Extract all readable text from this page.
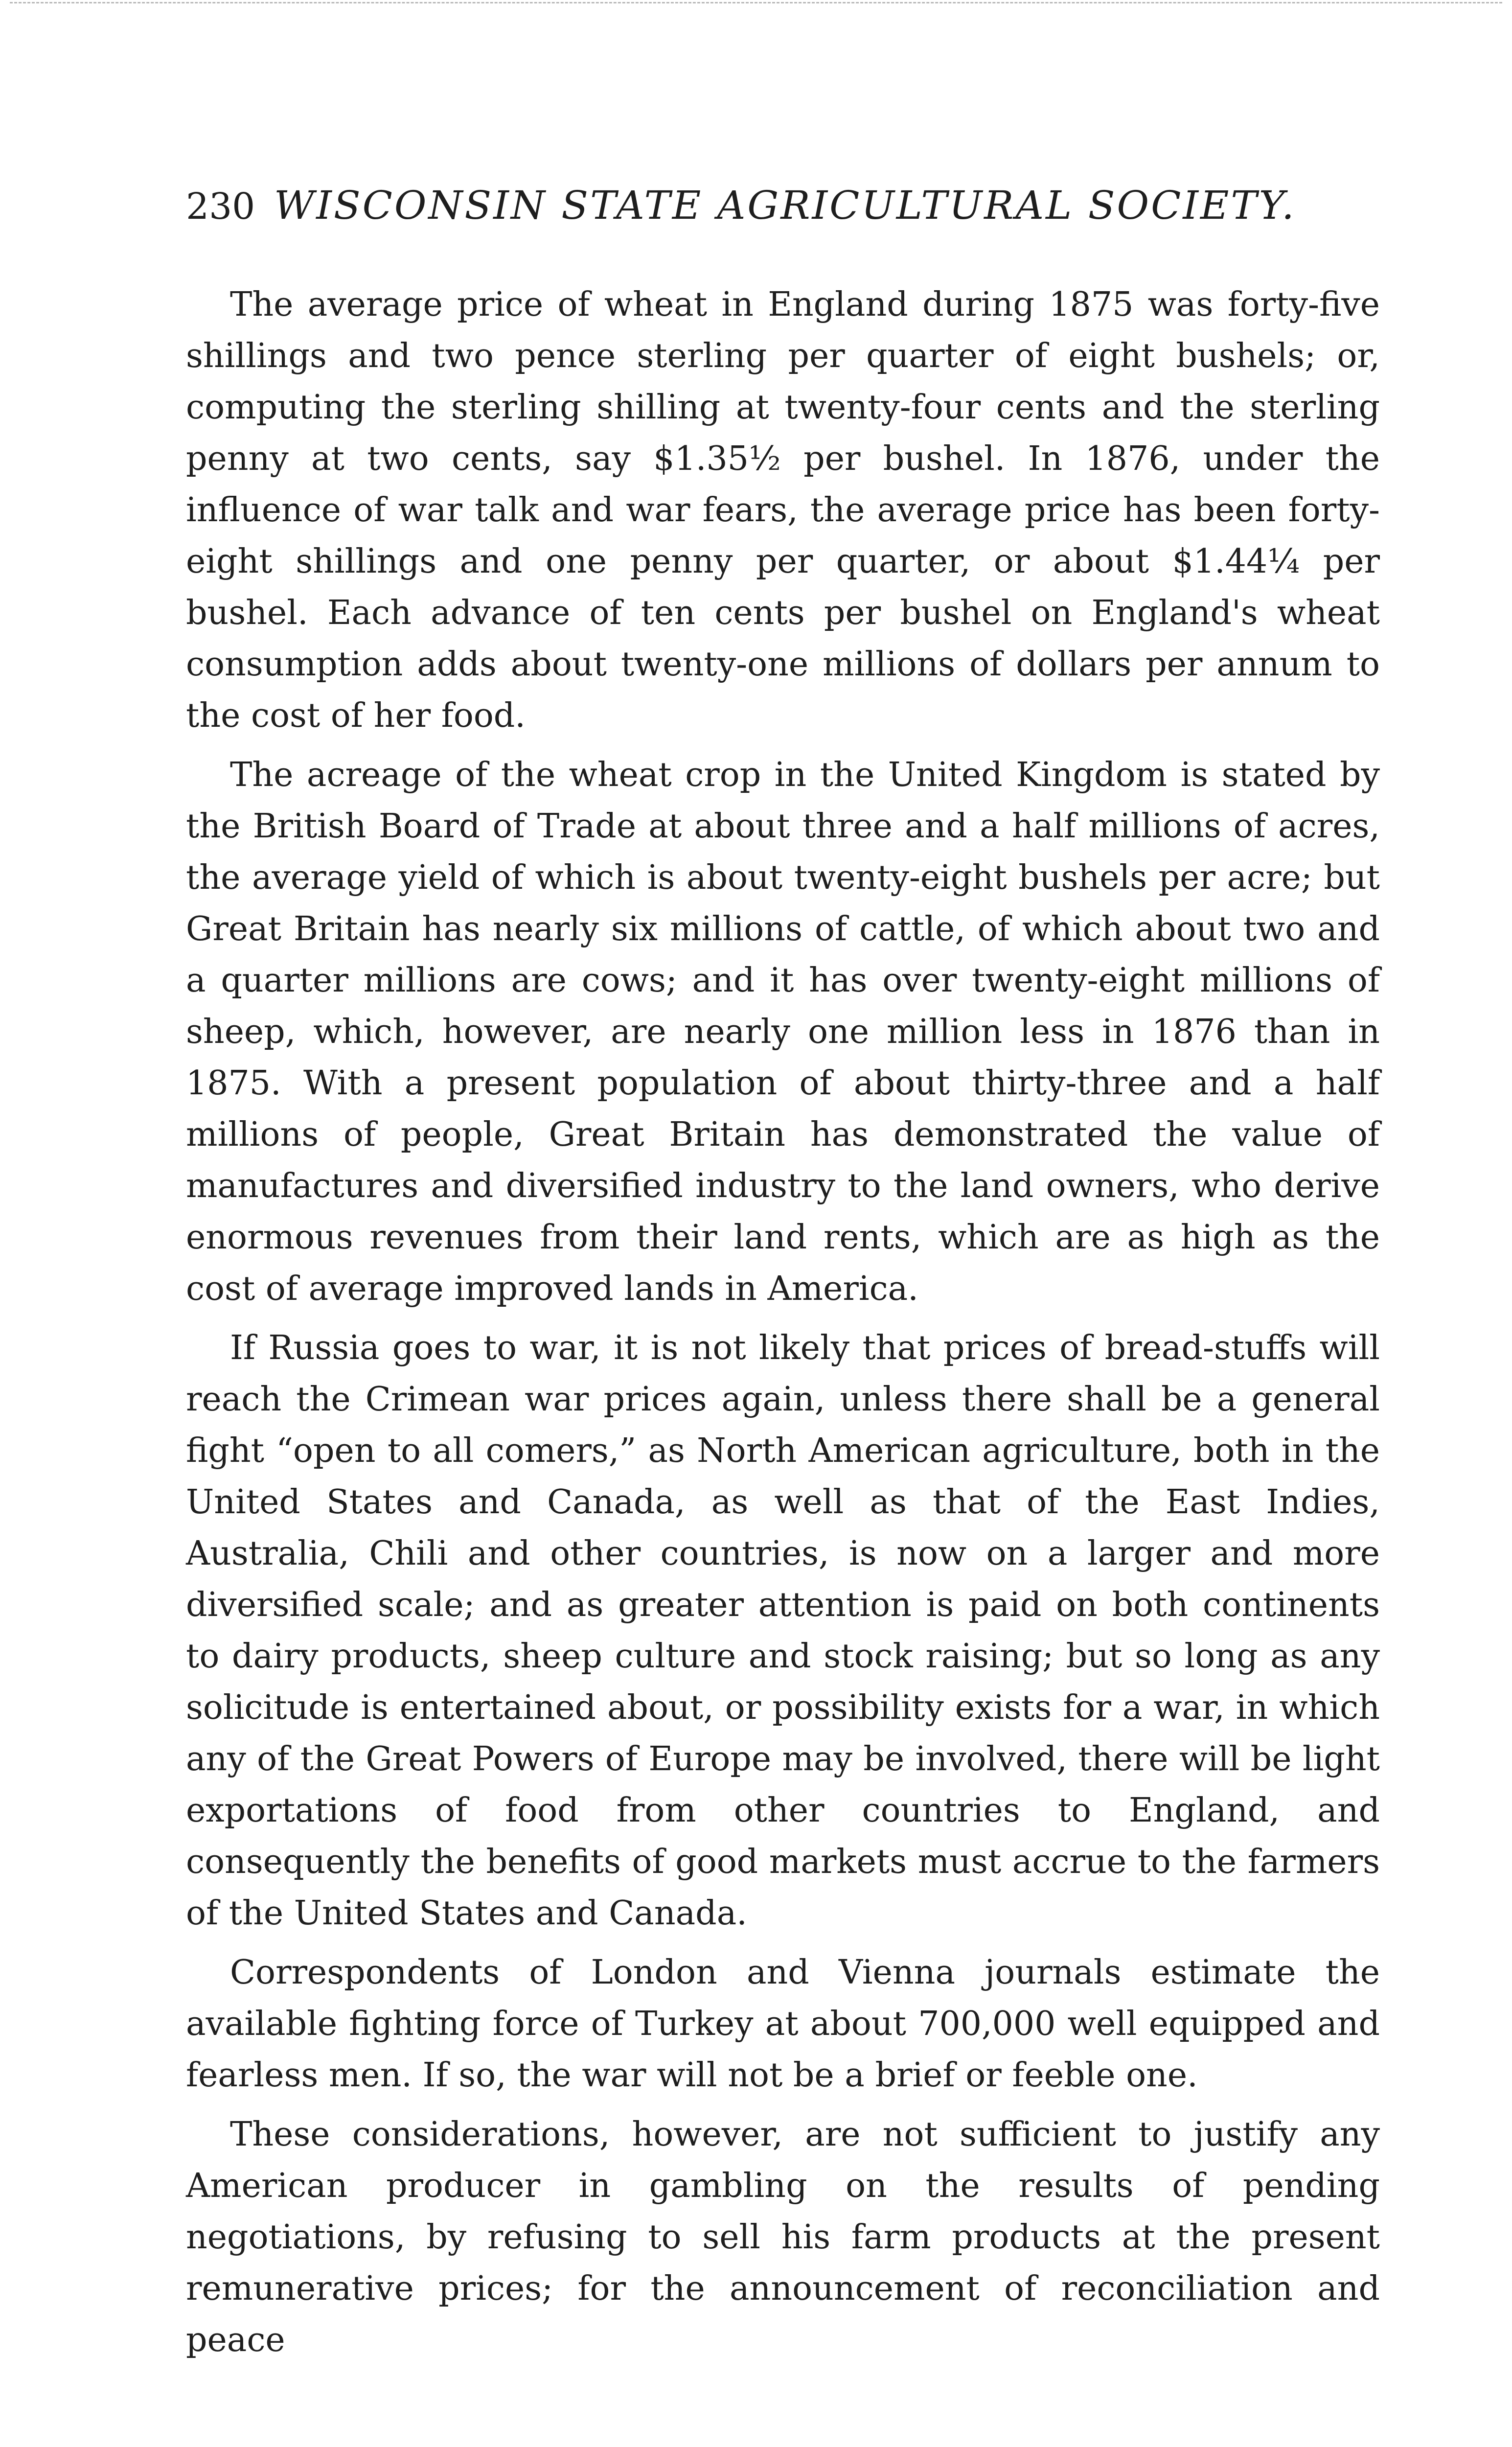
230 WISCONSIN STATE AGRICULTURAL SOCIETY.

The average price of wheat in England during 1875 was forty-five shillings and two pence sterling per quarter of eight bushels; or, computing the sterling shilling at twenty-four cents and the sterling penny at two cents, say $1.35½ per bushel. In 1876, under the influence of war talk and war fears, the average price has been forty-eight shillings and one penny per quarter, or about $1.44¼ per bushel. Each advance of ten cents per bushel on England's wheat consumption adds about twenty-one millions of dollars per annum to the cost of her food.

The acreage of the wheat crop in the United Kingdom is stated by the British Board of Trade at about three and a half millions of acres, the average yield of which is about twenty-eight bushels per acre; but Great Britain has nearly six millions of cattle, of which about two and a quarter millions are cows; and it has over twenty-eight millions of sheep, which, however, are nearly one million less in 1876 than in 1875. With a present population of about thirty-three and a half millions of people, Great Britain has demonstrated the value of manufactures and diversified industry to the land owners, who derive enormous revenues from their land rents, which are as high as the cost of average improved lands in America.

If Russia goes to war, it is not likely that prices of bread-stuffs will reach the Crimean war prices again, unless there shall be a general fight “open to all comers,” as North American agriculture, both in the United States and Canada, as well as that of the East Indies, Australia, Chili and other countries, is now on a larger and more diversified scale; and as greater attention is paid on both continents to dairy products, sheep culture and stock raising; but so long as any solicitude is entertained about, or possibility exists for a war, in which any of the Great Powers of Europe may be involved, there will be light exportations of food from other countries to England, and consequently the benefits of good markets must accrue to the farmers of the United States and Canada.

Correspondents of London and Vienna journals estimate the available fighting force of Turkey at about 700,000 well equipped and fearless men. If so, the war will not be a brief or feeble one.

These considerations, however, are not sufficient to justify any American producer in gambling on the results of pending negotiations, by refusing to sell his farm products at the present remunerative prices; for the announcement of reconciliation and peace
